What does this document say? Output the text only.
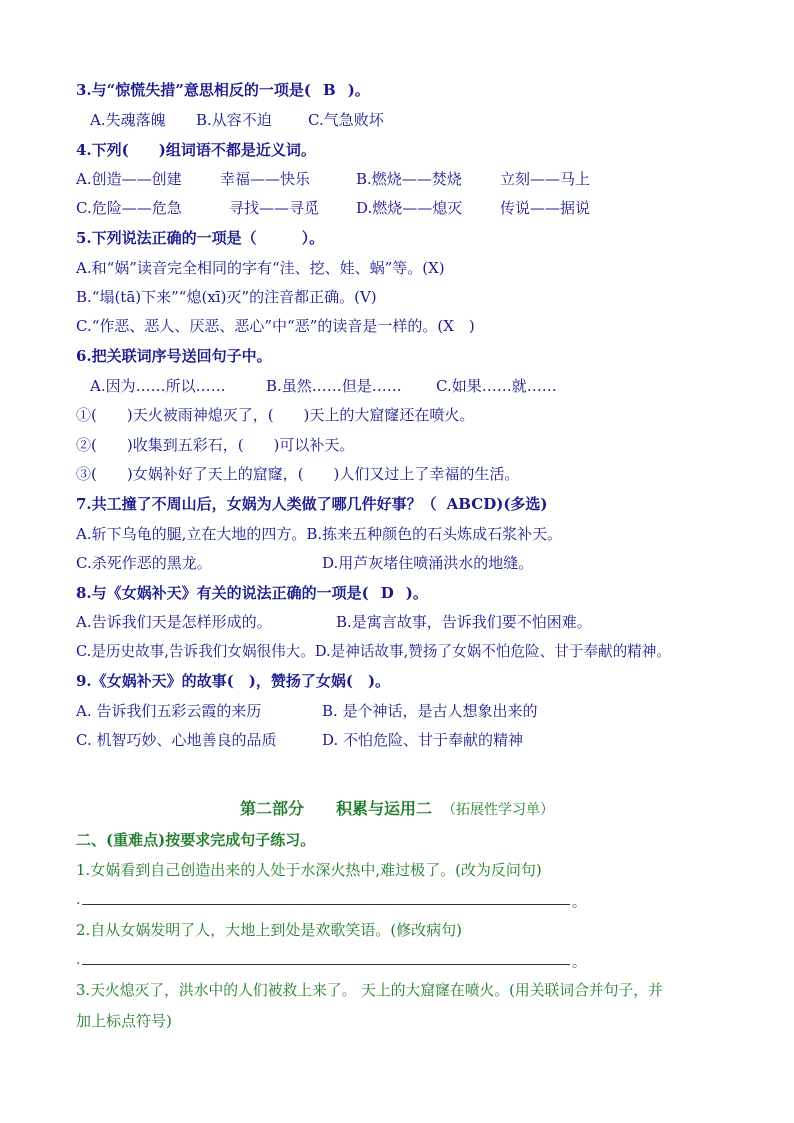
3.与“惊慌失措”意思相反的一项是( B )。
A.失魂落魄 B.从容不迫 C.气急败坏
4.下列(　　)组词语不都是近义词。
A.创造——创建	幸福——快乐	B.燃烧——焚烧	立刻——马上
C.危险——危急	寻找——寻觅 D.燃烧——熄灭	传说——据说
5.下列说法正确的一项是（　　　）。
A.和“娲”读音完全相同的字有“洼、挖、娃、蜗”等。(X)
B.“塌(tā)下来”“熄(xī)灭”的注音都正确。(V)
C.“作恶、恶人、厌恶、恶心”中“恶”的读音是一样的。(X　)
6.把关联词序号送回句子中。
A.因为……所以……	B.虽然……但是…… C.如果……就……
①(　　)天火被雨神熄灭了，(　　)天上的大窟窿还在喷火。
②(　　)收集到五彩石，(　　)可以补天。
③(　　)女娲补好了天上的窟窿，(　　)人们又过上了幸福的生活。
7.共工撞了不周山后，女娲为人类做了哪几件好事？（ ABCD)(多选)
A.斩下乌龟的腿,立在大地的四方。B.拣来五种颜色的石头炼成石浆补天。
C.杀死作恶的黑龙。	D.用芦灰堵住喷涌洪水的地缝。
8.与《女娲补天》有关的说法正确的一项是( D )。
A.告诉我们天是怎样形成的。	B.是寓言故事，告诉我们要不怕困难。
C.是历史故事,告诉我们女娲很伟大。D.是神话故事,赞扬了女娲不怕危险、甘于奉献的精神。
9.《女娲补天》的故事(　)，赞扬了女娲(　)。
A. 告诉我们五彩云霞的来历	B. 是个神话，是古人想象出来的
C. 机智巧妙、心地善良的品质	D. 不怕危险、甘于奉献的精神
第二部分　　积累与运用二 （拓展性学习单）
二、(重难点)按要求完成句子练习。
1.女娲看到自己创造出来的人处于水深火热中,难过极了。(改为反问句)
.	。
2.自从女娲发明了人，大地上到处是欢歌笑语。(修改病句)
.	。
3.天火熄灭了，洪水中的人们被救上来了。 天上的大窟窿在喷火。(用关联词合并句子，并
加上标点符号)
